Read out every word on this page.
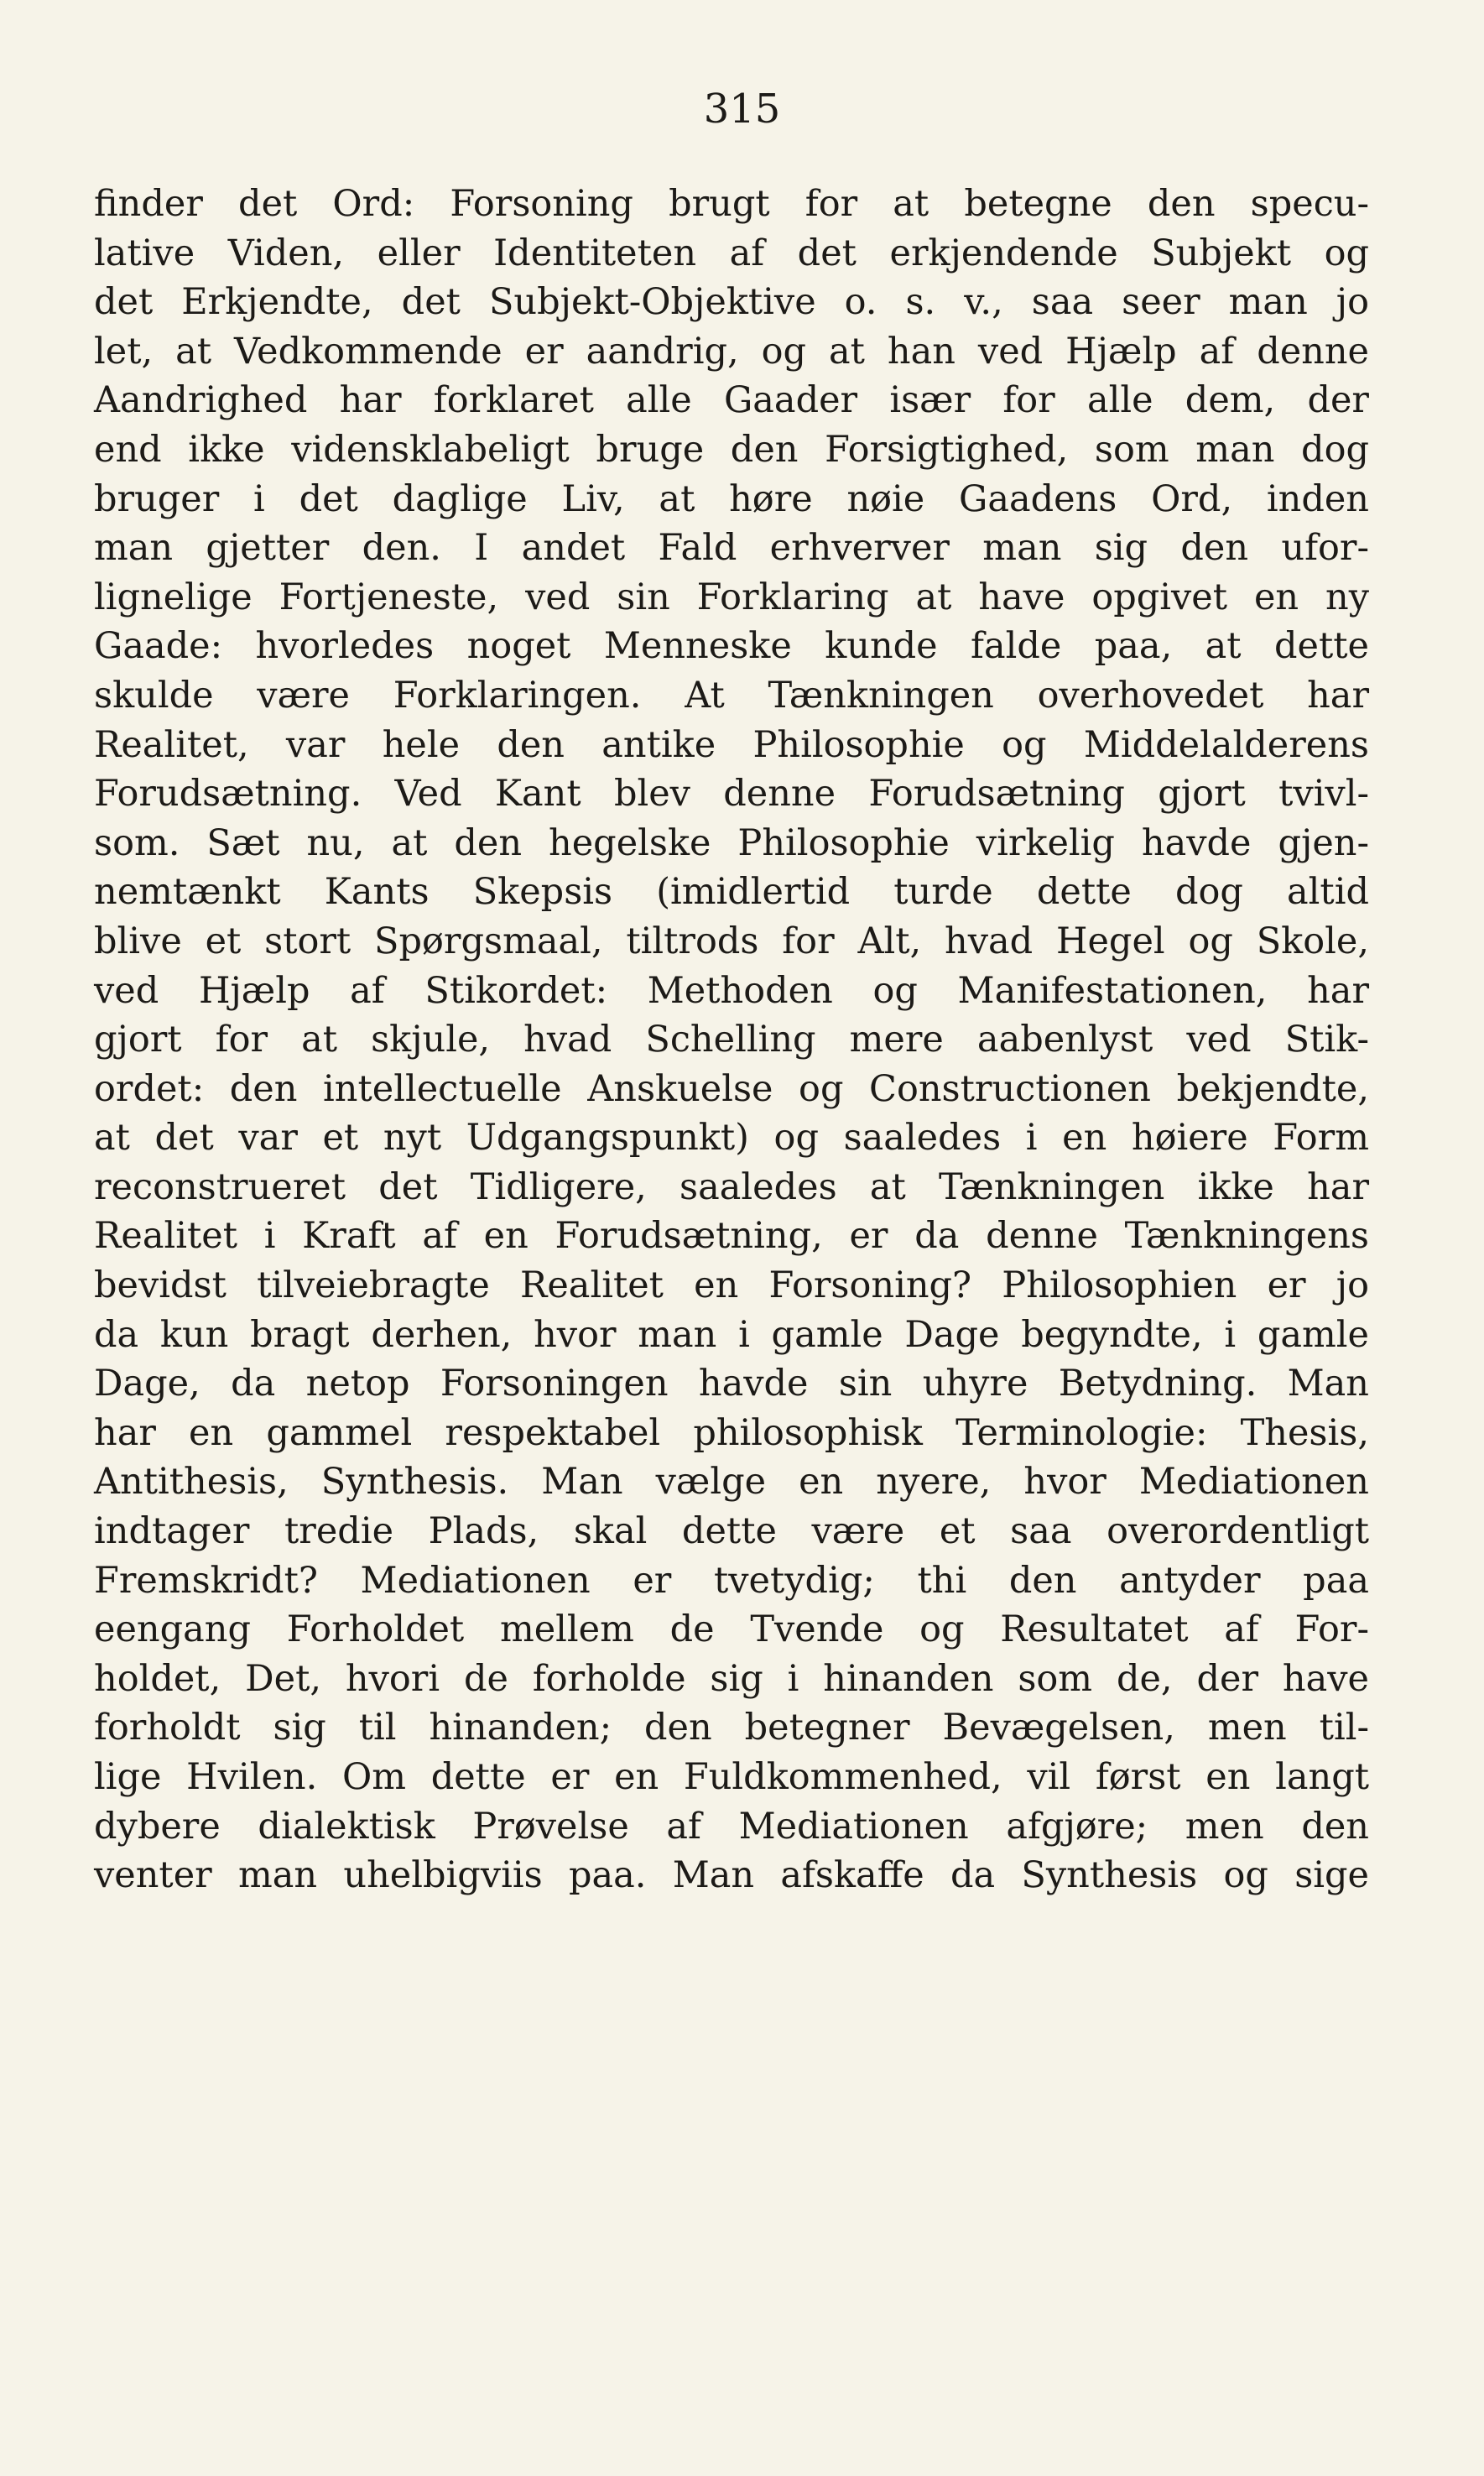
315
finder det Ord: Forsoning brugt for at betegne den specu-
lative Viden, eller Identiteten af det erkjendende Subjekt og
det Erkjendte, det Subjekt-Objektive o. s. v., saa seer man jo
let, at Vedkommende er aandrig, og at han ved Hjælp af denne
Aandrighed har forklaret alle Gaader især for alle dem, der
end ikke vidensklabeligt bruge den Forsigtighed, som man dog
bruger i det daglige Liv, at høre nøie Gaadens Ord, inden
man gjetter den. I andet Fald erhverver man sig den ufor-
lignelige Fortjeneste, ved sin Forklaring at have opgivet en ny
Gaade: hvorledes noget Menneske kunde falde paa, at dette
skulde være Forklaringen. At Tænkningen overhovedet har
Realitet, var hele den antike Philosophie og Middelalderens
Forudsætning. Ved Kant blev denne Forudsætning gjort tvivl-
som. Sæt nu, at den hegelske Philosophie virkelig havde gjen-
nemtænkt Kants Skepsis (imidlertid turde dette dog altid
blive et stort Spørgsmaal, tiltrods for Alt, hvad Hegel og Skole,
ved Hjælp af Stikordet: Methoden og Manifestationen, har
gjort for at skjule, hvad Schelling mere aabenlyst ved Stik-
ordet: den intellectuelle Anskuelse og Constructionen bekjendte,
at det var et nyt Udgangspunkt) og saaledes i en høiere Form
reconstrueret det Tidligere, saaledes at Tænkningen ikke har
Realitet i Kraft af en Forudsætning, er da denne Tænkningens
bevidst tilveiebragte Realitet en Forsoning? Philosophien er jo
da kun bragt derhen, hvor man i gamle Dage begyndte, i gamle
Dage, da netop Forsoningen havde sin uhyre Betydning. Man
har en gammel respektabel philosophisk Terminologie: Thesis,
Antithesis, Synthesis. Man vælge en nyere, hvor Mediationen
indtager tredie Plads, skal dette være et saa overordentligt
Fremskridt? Mediationen er tvetydig; thi den antyder paa
eengang Forholdet mellem de Tvende og Resultatet af For-
holdet, Det, hvori de forholde sig i hinanden som de, der have
forholdt sig til hinanden; den betegner Bevægelsen, men til-
lige Hvilen. Om dette er en Fuldkommenhed, vil først en langt
dybere dialektisk Prøvelse af Mediationen afgjøre; men den
venter man uhelbigviis paa. Man afskaffe da Synthesis og sige
